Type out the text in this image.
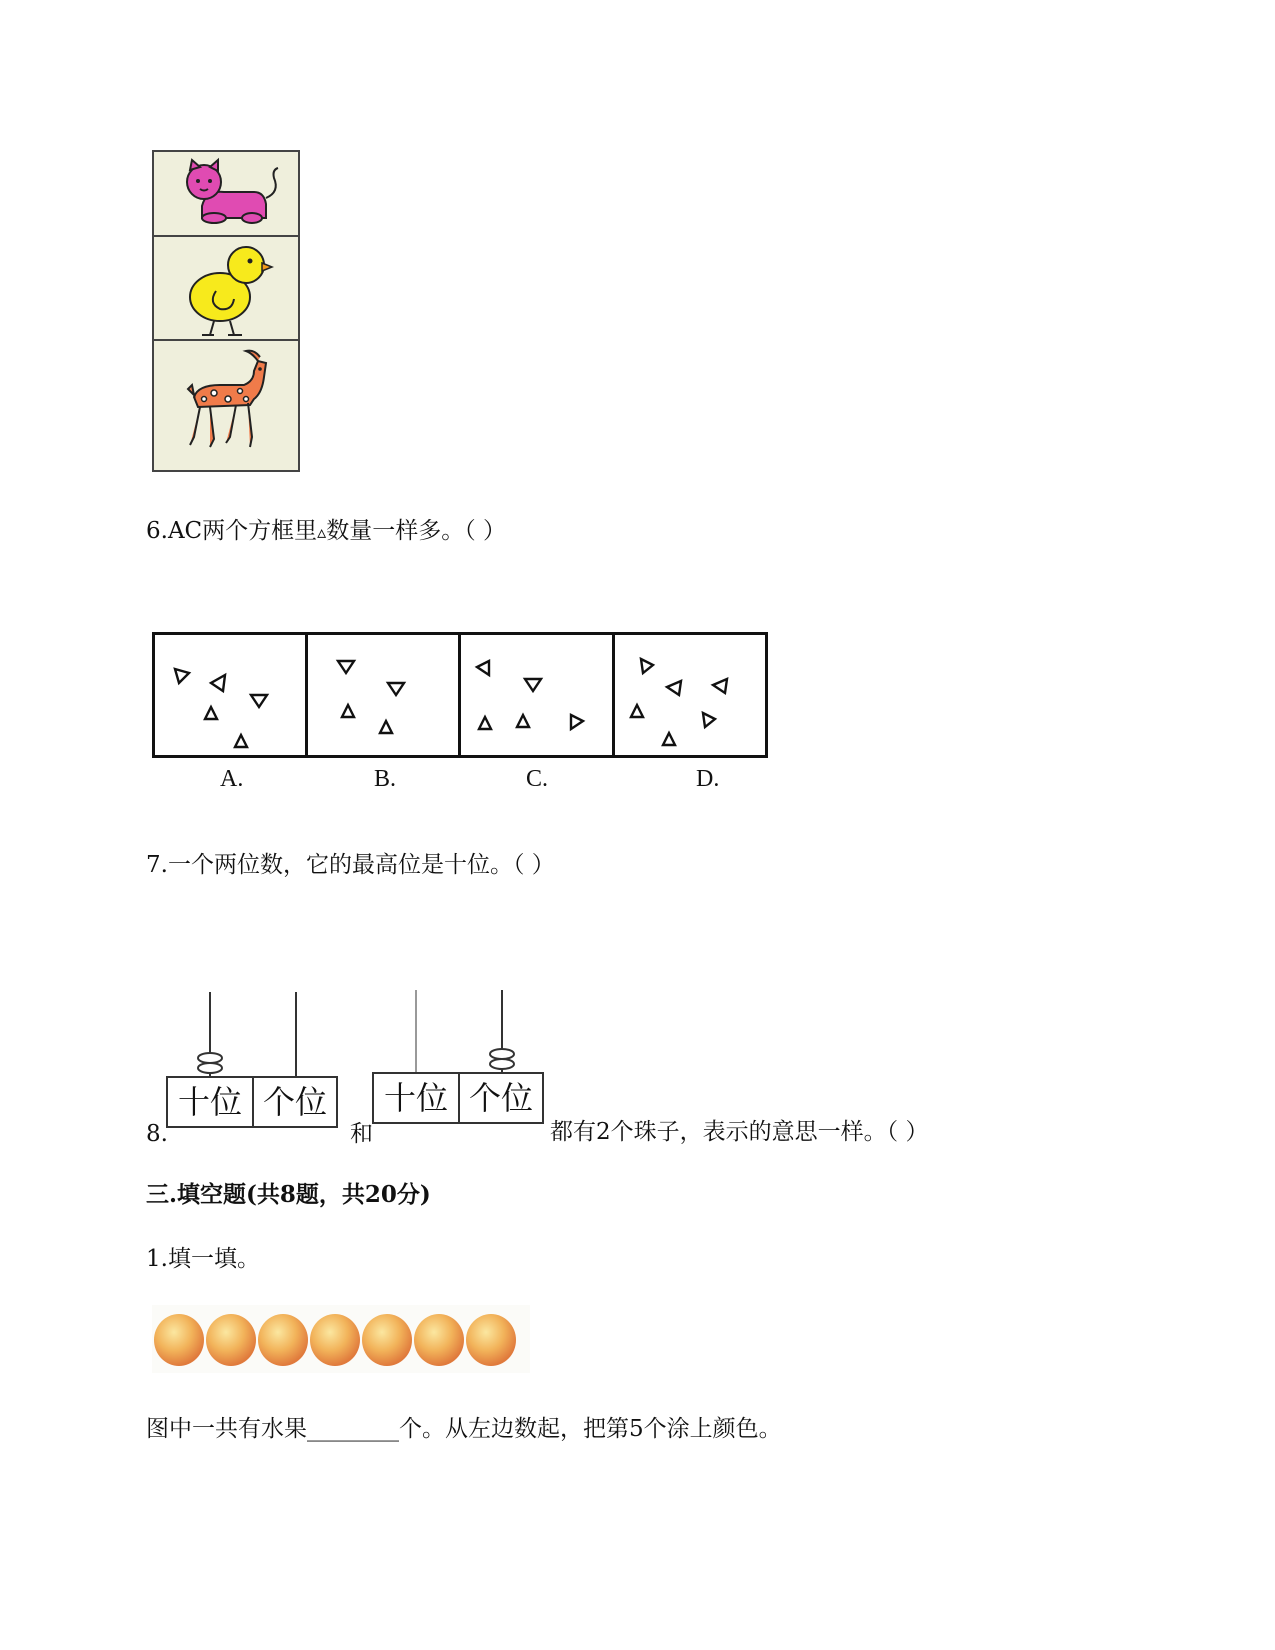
6.AC两个方框里▵数量一样多。（ ）
A.	B.	C.	D.
7.一个两位数，它的最高位是十位。（ ）
8.
十位 个位
和
十位 个位
都有2个珠子，表示的意思一样。（ ）
三.填空题(共8题，共20分)
1.填一填。
图中一共有水果________个。从左边数起，把第5个涂上颜色。
